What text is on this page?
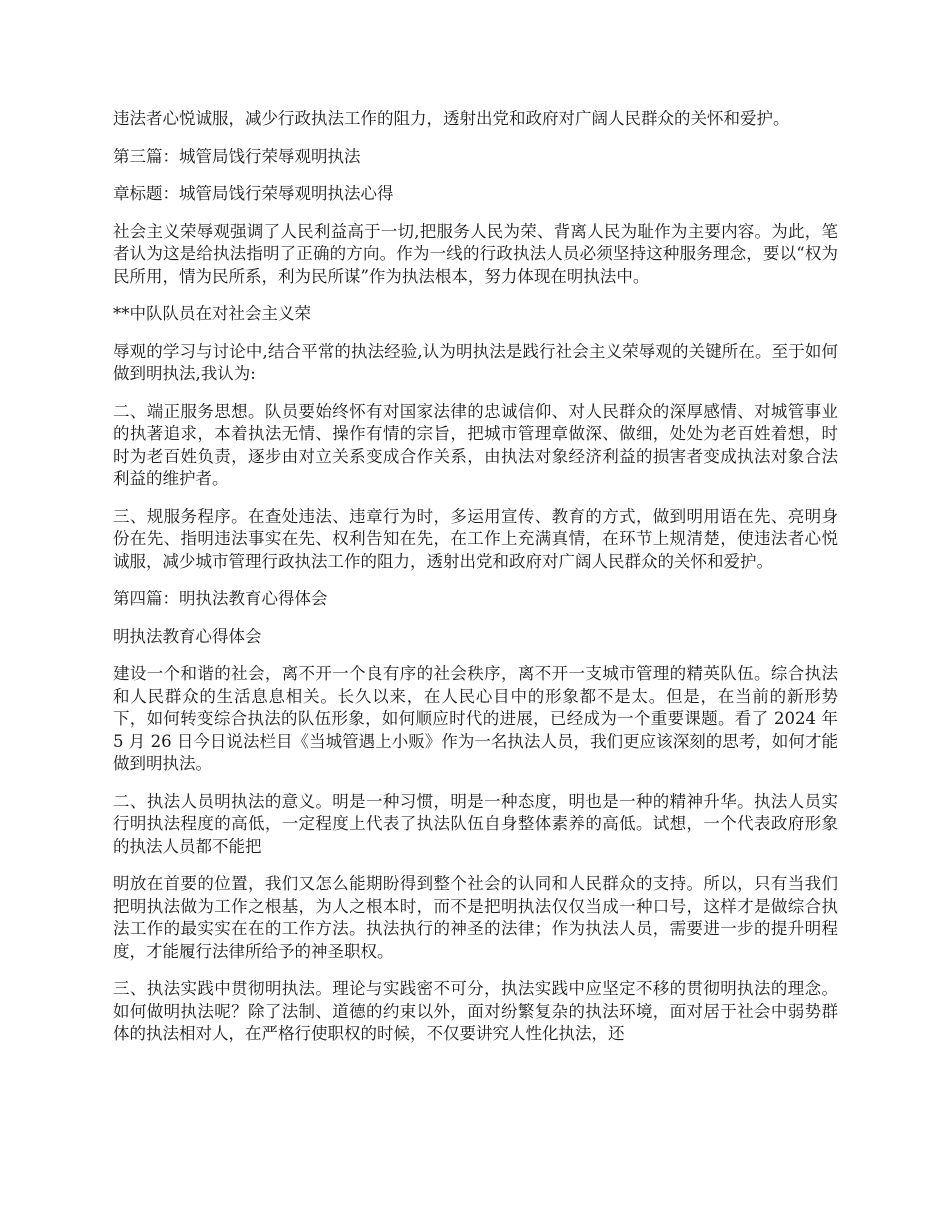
违法者心悦诚服，减少行政执法工作的阻力，透射出党和政府对广阔人民群众的关怀和爱护。

第三篇：城管局饯行荣辱观明执法

章标题：城管局饯行荣辱观明执法心得

社会主义荣辱观强调了人民利益高于一切,把服务人民为荣、背离人民为耻作为主要内容。为此，笔者认为这是给执法指明了正确的方向。作为一线的行政执法人员必须坚持这种服务理念，要以“权为民所用，情为民所系，利为民所谋”作为执法根本，努力体现在明执法中。

**中队队员在对社会主义荣

辱观的学习与讨论中,结合平常的执法经验,认为明执法是践行社会主义荣辱观的关键所在。至于如何做到明执法,我认为:

二、端正服务思想。队员要始终怀有对国家法律的忠诚信仰、对人民群众的深厚感情、对城管事业的执著追求，本着执法无情、操作有情的宗旨，把城市管理章做深、做细，处处为老百姓着想，时时为老百姓负责，逐步由对立关系变成合作关系，由执法对象经济利益的损害者变成执法对象合法利益的维护者。

三、规服务程序。在查处违法、违章行为时，多运用宣传、教育的方式，做到明用语在先、亮明身份在先、指明违法事实在先、权利告知在先，在工作上充满真情，在环节上规清楚，使违法者心悦诚服，减少城市管理行政执法工作的阻力，透射出党和政府对广阔人民群众的关怀和爱护。

第四篇：明执法教育心得体会

明执法教育心得体会

建设一个和谐的社会，离不开一个良有序的社会秩序，离不开一支城市管理的精英队伍。综合执法和人民群众的生活息息相关。长久以来，在人民心目中的形象都不是太。但是，在当前的新形势下，如何转变综合执法的队伍形象，如何顺应时代的进展，已经成为一个重要课题。看了 2024 年 5 月 26 日今日说法栏目《当城管遇上小贩》作为一名执法人员，我们更应该深刻的思考，如何才能做到明执法。

二、执法人员明执法的意义。明是一种习惯，明是一种态度，明也是一种的精神升华。执法人员实行明执法程度的高低，一定程度上代表了执法队伍自身整体素养的高低。试想，一个代表政府形象的执法人员都不能把

明放在首要的位置，我们又怎么能期盼得到整个社会的认同和人民群众的支持。所以，只有当我们把明执法做为工作之根基，为人之根本时，而不是把明执法仅仅当成一种口号，这样才是做综合执法工作的最实实在在的工作方法。执法执行的神圣的法律；作为执法人员，需要进一步的提升明程度，才能履行法律所给予的神圣职权。

三、执法实践中贯彻明执法。理论与实践密不可分，执法实践中应坚定不移的贯彻明执法的理念。如何做明执法呢？除了法制、道德的约束以外，面对纷繁复杂的执法环境，面对居于社会中弱势群体的执法相对人，在严格行使职权的时候，不仅要讲究人性化执法，还
